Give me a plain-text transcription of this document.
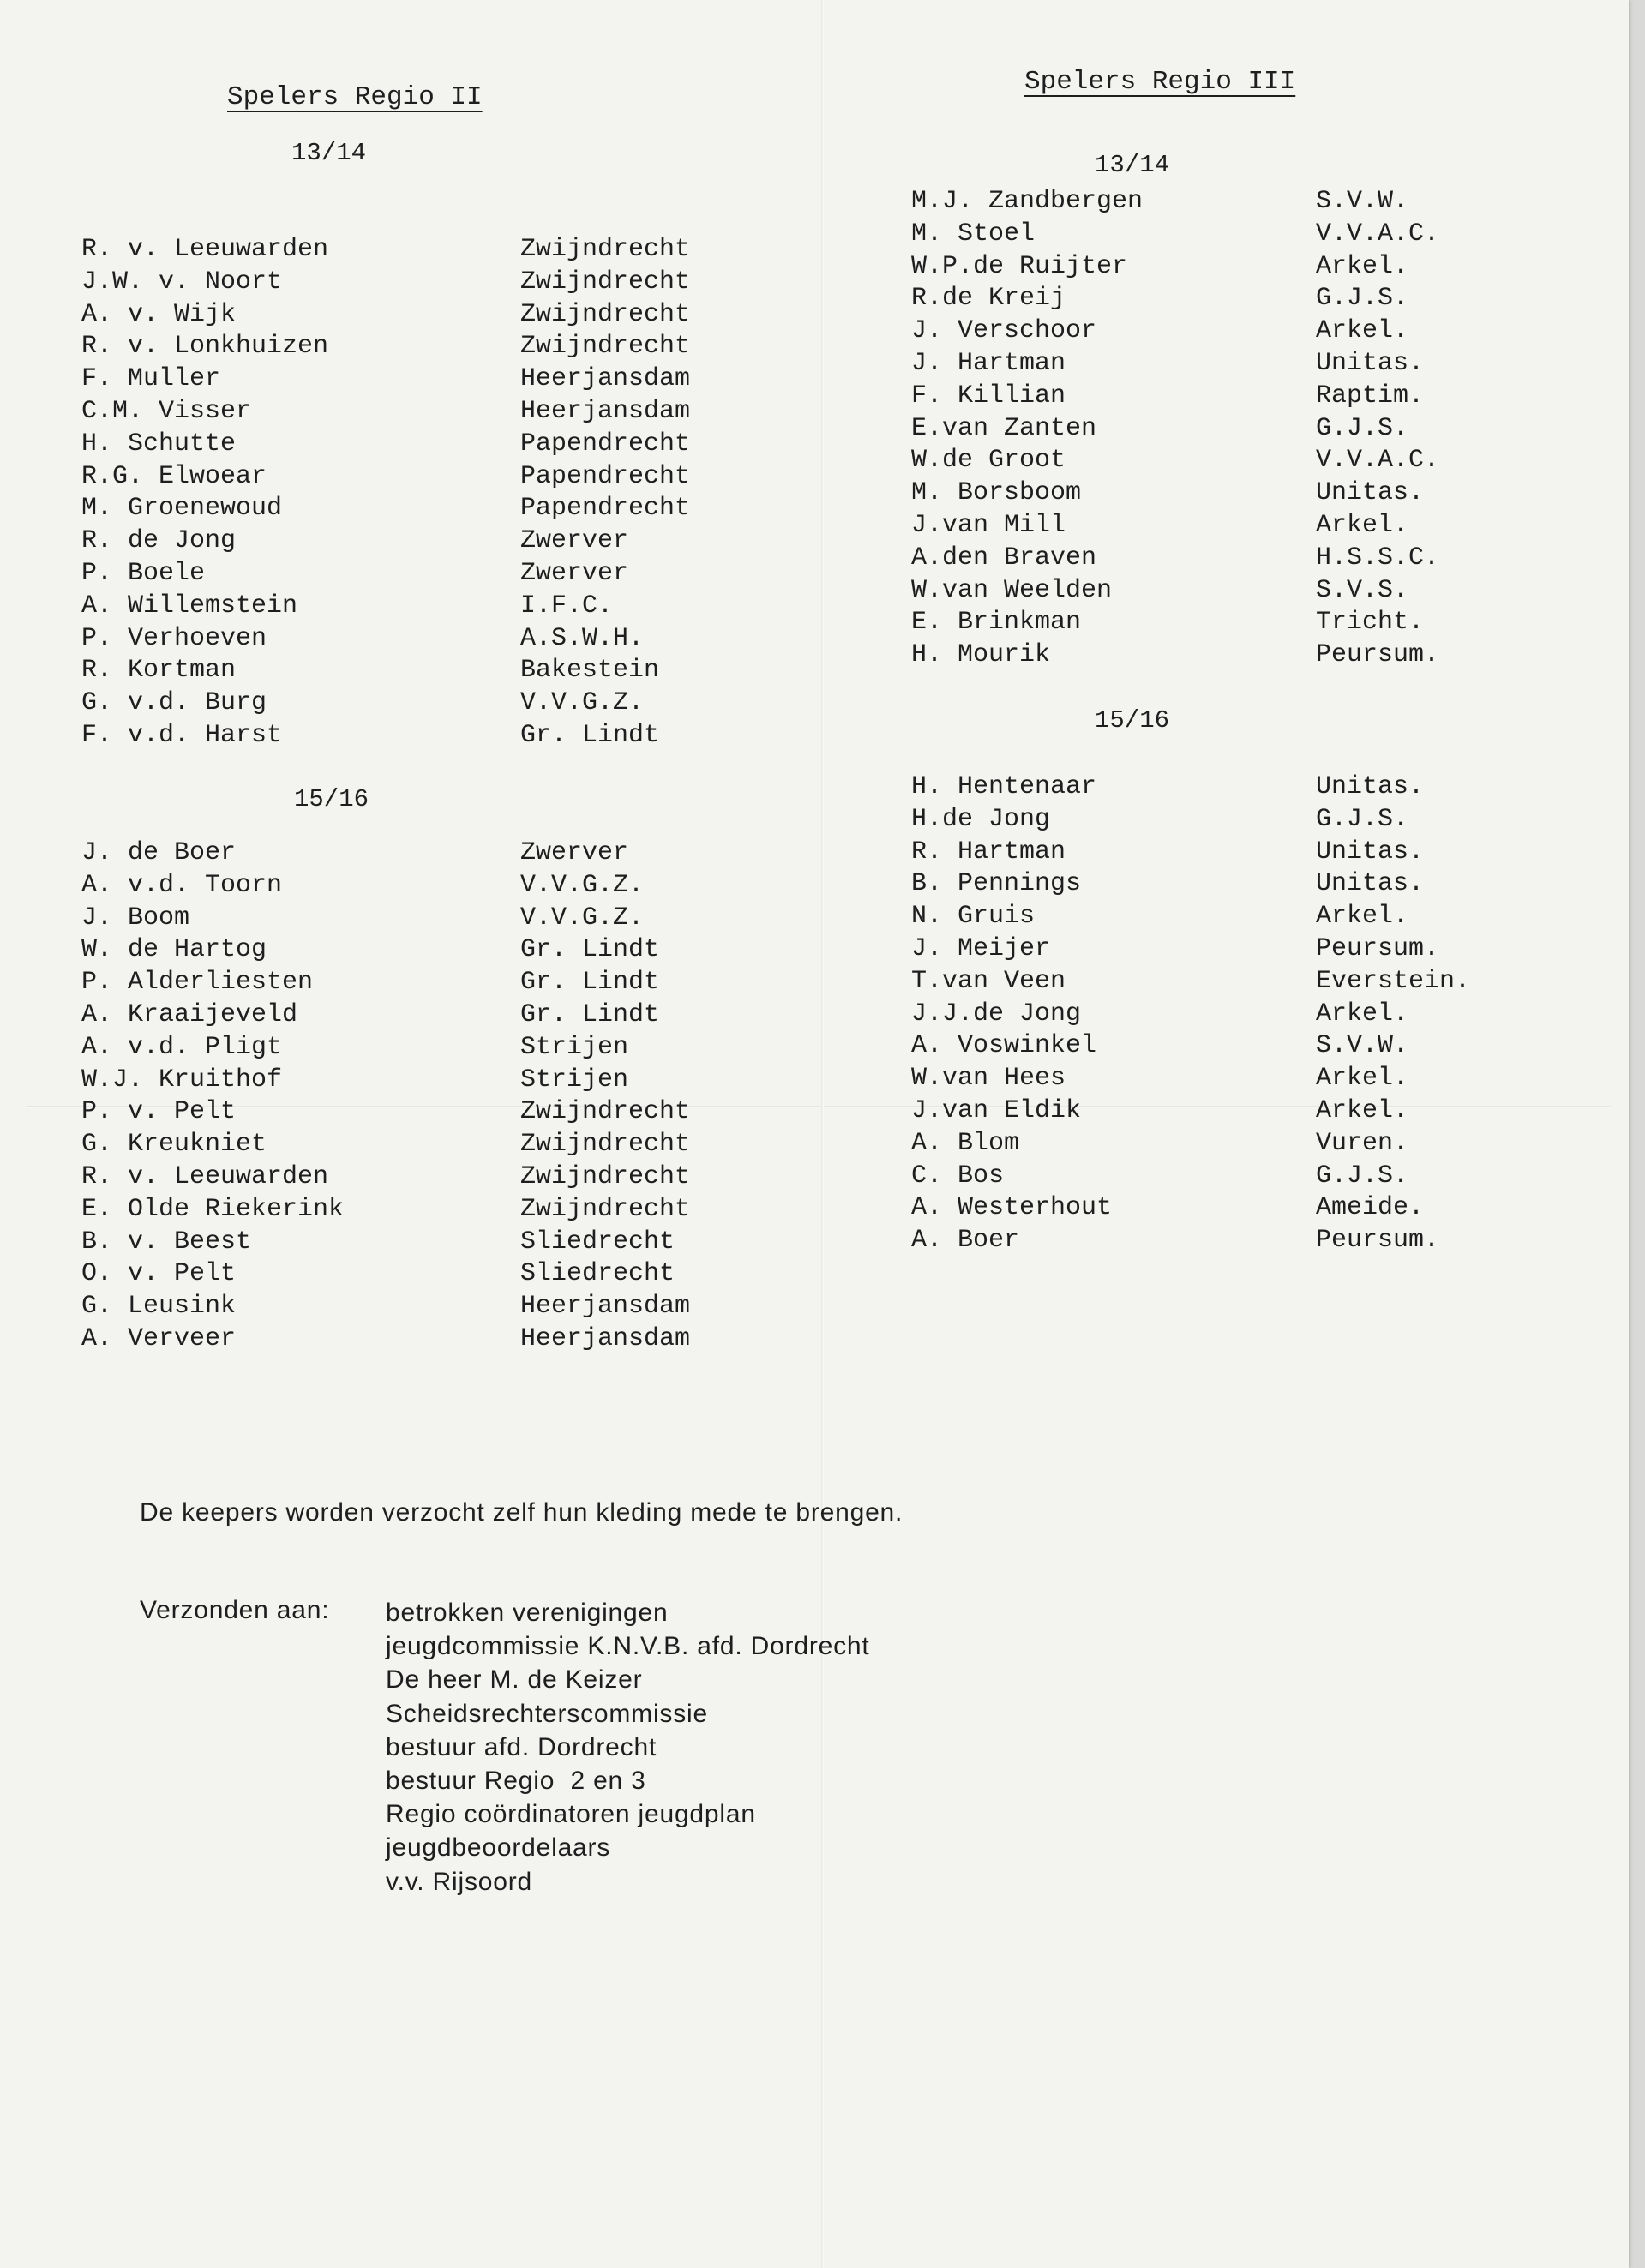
Spelers Regio II
13/14
R. v. Leeuwarden	Zwijndrecht
J.W. v. Noort	Zwijndrecht
A. v. Wijk	Zwijndrecht
R. v. Lonkhuizen	Zwijndrecht
F. Muller	Heerjansdam
C.M. Visser	Heerjansdam
H. Schutte	Papendrecht
R.G. Elwoear	Papendrecht
M. Groenewoud	Papendrecht
R. de Jong	Zwerver
P. Boele	Zwerver
A. Willemstein	I.F.C.
P. Verhoeven	A.S.W.H.
R. Kortman	Bakestein
G. v.d. Burg	V.V.G.Z.
F. v.d. Harst	Gr. Lindt
15/16
J. de Boer	Zwerver
A. v.d. Toorn	V.V.G.Z.
J. Boom	V.V.G.Z.
W. de Hartog	Gr. Lindt
P. Alderliesten	Gr. Lindt
A. Kraaijeveld	Gr. Lindt
A. v.d. Pligt	Strijen
W.J. Kruithof	Strijen
P. v. Pelt	Zwijndrecht
G. Kreukniet	Zwijndrecht
R. v. Leeuwarden	Zwijndrecht
E. Olde Riekerink	Zwijndrecht
B. v. Beest	Sliedrecht
O. v. Pelt	Sliedrecht
G. Leusink	Heerjansdam
A. Verveer	Heerjansdam
Spelers Regio III
13/14
M.J. Zandbergen	S.V.W.
M. Stoel	V.V.A.C.
W.P.de Ruijter	Arkel.
R.de Kreij	G.J.S.
J. Verschoor	Arkel.
J. Hartman	Unitas.
F. Killian	Raptim.
E.van Zanten	G.J.S.
W.de Groot	V.V.A.C.
M. Borsboom	Unitas.
J.van Mill	Arkel.
A.den Braven	H.S.S.C.
W.van Weelden	S.V.S.
E. Brinkman	Tricht.
H. Mourik	Peursum.
15/16
H. Hentenaar	Unitas.
H.de Jong	G.J.S.
R. Hartman	Unitas.
B. Pennings	Unitas.
N. Gruis	Arkel.
J. Meijer	Peursum.
T.van Veen	Everstein.
J.J.de Jong	Arkel.
A. Voswinkel	S.V.W.
W.van Hees	Arkel.
J.van Eldik	Arkel.
A. Blom	Vuren.
C. Bos	G.J.S.
A. Westerhout	Ameide.
A. Boer	Peursum.
De keepers worden verzocht zelf hun kleding mede te brengen.
Verzonden aan: betrokken verenigingen
jeugdcommissie K.N.V.B. afd. Dordrecht
De heer M. de Keizer
Scheidsrechterscommissie
bestuur afd. Dordrecht
bestuur Regio  2 en 3
Regio coördinatoren jeugdplan
jeugdbeoordelaars
v.v. Rijsoord
